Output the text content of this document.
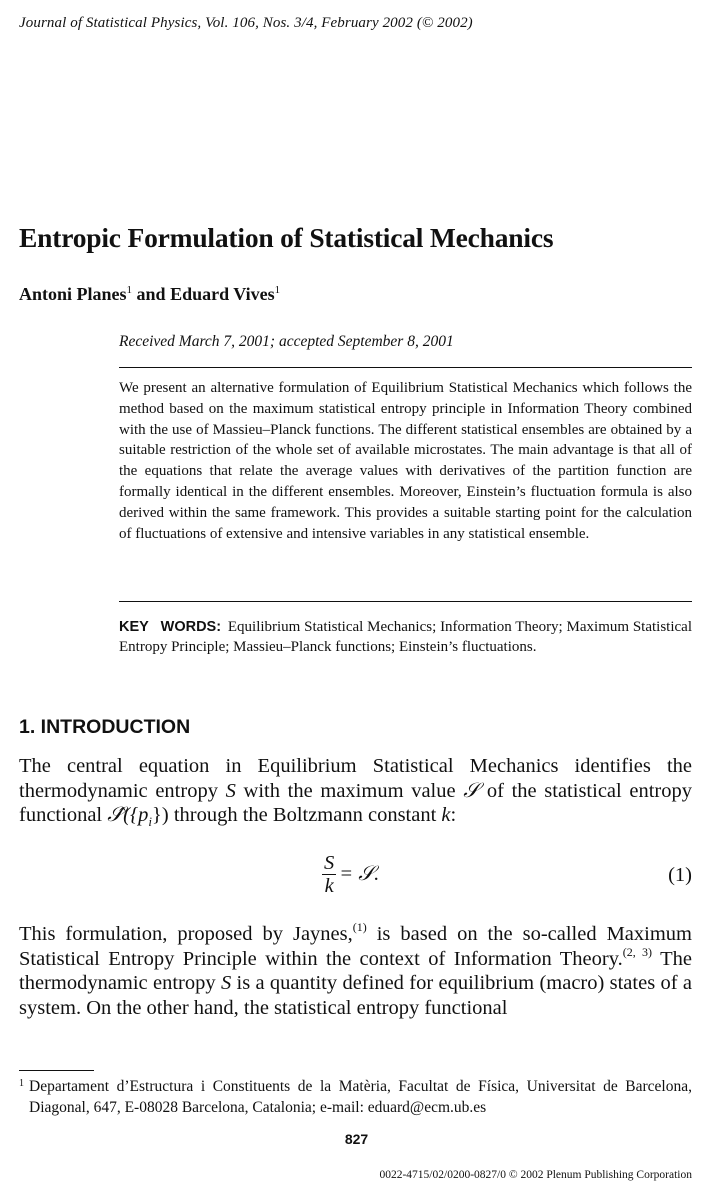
Journal of Statistical Physics, Vol. 106, Nos. 3/4, February 2002 (© 2002)
Entropic Formulation of Statistical Mechanics
Antoni Planes$^1$ and Eduard Vives$^1$
Received March 7, 2001; accepted September 8, 2001
We present an alternative formulation of Equilibrium Statistical Mechanics which follows the method based on the maximum statistical entropy principle in Information Theory combined with the use of Massieu–Planck functions. The different statistical ensembles are obtained by a suitable restriction of the whole set of available microstates. The main advantage is that all of the equations that relate the average values with derivatives of the partition function are formally identical in the different ensembles. Moreover, Einstein’s fluctuation formula is also derived within the same framework. This provides a suitable starting point for the calculation of fluctuations of extensive and intensive variables in any statistical ensemble.
KEY WORDS: Equilibrium Statistical Mechanics; Information Theory; Maximum Statistical Entropy Principle; Massieu–Planck functions; Einstein’s fluctuations.
1. INTRODUCTION
The central equation in Equilibrium Statistical Mechanics identifies the thermodynamic entropy S with the maximum value 𝒮 of the statistical entropy functional $𝒮̂(\{p_i\})$ through the Boltzmann constant k:
$\frac{S}{k}$ = 𝒮.	(1)
This formulation, proposed by Jaynes,$^{(1)}$ is based on the so-called Maximum Statistical Entropy Principle within the context of Information Theory.$^{(2, 3)}$ The thermodynamic entropy S is a quantity defined for equilibrium (macro) states of a system. On the other hand, the statistical entropy functional
1 Departament d’Estructura i Constituents de la Matèria, Facultat de Física, Universitat de Barcelona, Diagonal, 647, E-08028 Barcelona, Catalonia; e-mail: eduard@ecm.ub.es
827
0022-4715/02/0200-0827/0 © 2002 Plenum Publishing Corporation
